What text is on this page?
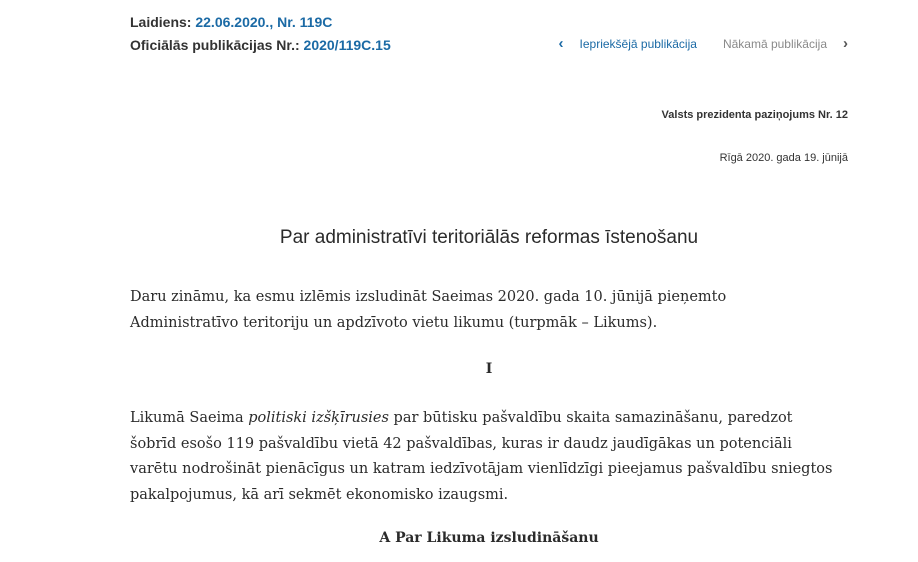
Laidiens: 22.06.2020., Nr. 119C
Oficiālās publikācijas Nr.: 2020/119C.15	‹ Iepriekšējā publikācija Nākamā publikācija ›
Valsts prezidenta paziņojums Nr. 12
Rīgā 2020. gada 19. jūnijā
Par administratīvi teritoriālās reformas īstenošanu

Daru zināmu, ka esmu izlēmis izsludināt Saeimas 2020. gada 10. jūnijā pieņemto Administratīvo teritoriju un apdzīvoto vietu likumu (turpmāk – Likums).

I

Likumā Saeima politiski izšķīrusies par būtisku pašvaldību skaita samazināšanu, paredzot šobrīd esošo 119 pašvaldību vietā 42 pašvaldības, kuras ir daudz jaudīgākas un potenciāli varētu nodrošināt pienācīgus un katram iedzīvotājam vienlīdzīgi pieejamus pašvaldību sniegtos pakalpojumus, kā arī sekmēt ekonomisko izaugsmi.

A Par Likuma izsludināšanu
